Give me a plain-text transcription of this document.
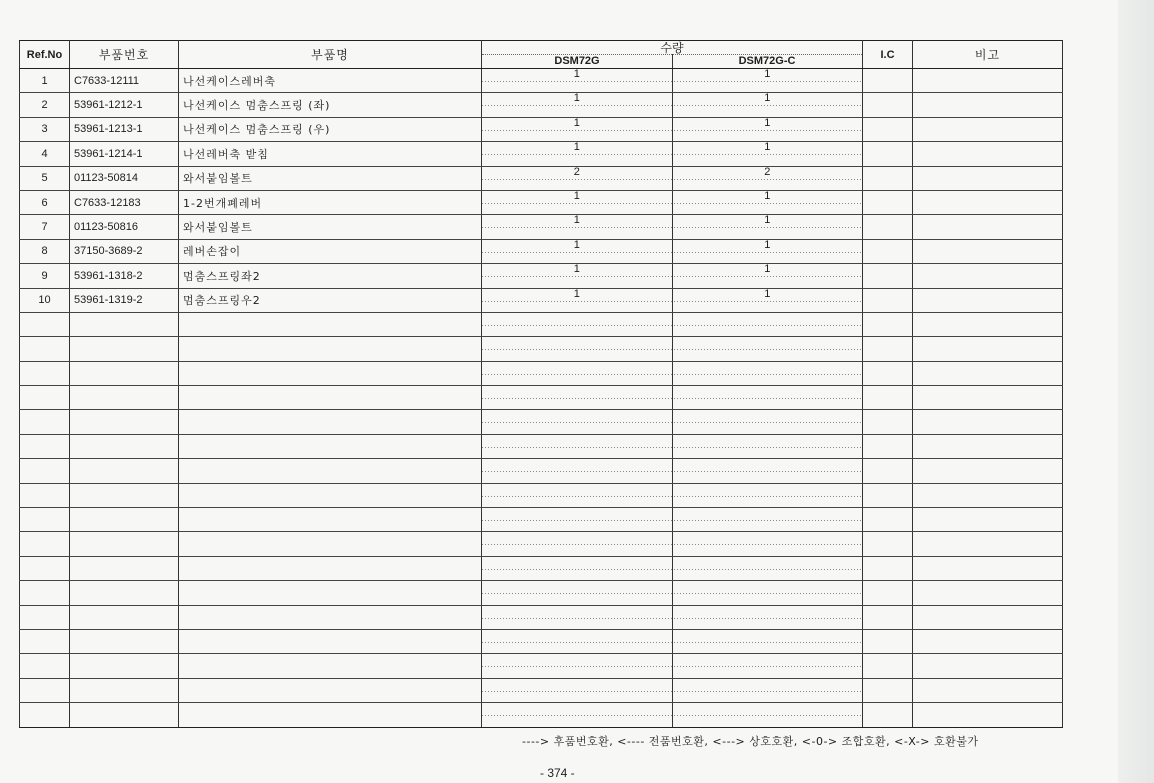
Ref.No	부품번호	부품명	수량
DSM72G DSM72G-C	I.C	비고
1	C7633-12111	나선케이스레버축	1 1		

2	53961-1212-1	나선케이스 멈춤스프링 (좌)	1 1		

3	53961-1213-1	나선케이스 멈춤스프링 (우)	1 1		

4	53961-1214-1	나선레버축 받침	1 1		

5	01123-50814	와서붙임볼트	2 2		

6	C7633-12183	1-2번개폐레버	1 1		

7	01123-50816	와서붙임볼트	1 1		

8	37150-3689-2	레버손잡이	1 1		

9	53961-1318-2	멈춤스프링좌2	1 1		

10	53961-1319-2	멈춤스프링우2	1 1		

----> 후품번호환, <---- 전품번호환, <---> 상호호환, <-0-> 조합호환, <-X-> 호환불가
- 374 -
